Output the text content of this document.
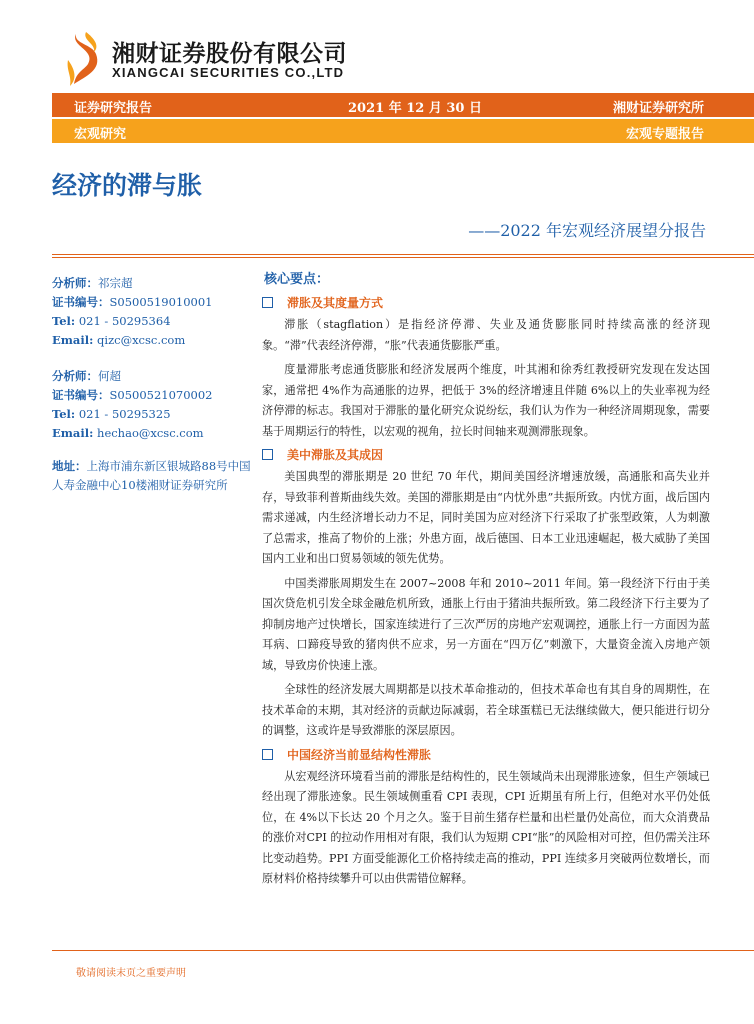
湘财证券股份有限公司
XIANGCAI SECURITIES CO.,LTD
证券研究报告	2021 年 12 月 30 日	湘财证券研究所
宏观研究	宏观专题报告
经济的滞与胀
——2022 年宏观经济展望分报告
分析师：祁宗超
证书编号：S0500519010001
Tel: 021 - 50295364
Email: qizc@xcsc.com
分析师：何超
证书编号：S0500521070002
Tel: 021 - 50295325
Email: hechao@xcsc.com
地址：上海市浦东新区银城路88号中国人寿金融中心10楼湘财证券研究所
核心要点：
滞胀及其度量方式

滞胀（stagflation）是指经济停滞、失业及通货膨胀同时持续高涨的经济现象。“滞”代表经济停滞，“胀”代表通货膨胀严重。

度量滞胀考虑通货膨胀和经济发展两个维度，叶其湘和徐秀红教授研究发现在发达国家，通常把 4%作为高通胀的边界，把低于 3%的经济增速且伴随 6%以上的失业率视为经济停滞的标志。我国对于滞胀的量化研究众说纷纭，我们认为作为一种经济周期现象，需要基于周期运行的特性，以宏观的视角，拉长时间轴来观测滞胀现象。

美中滞胀及其成因

美国典型的滞胀期是 20 世纪 70 年代，期间美国经济增速放缓，高通胀和高失业并存，导致菲利普斯曲线失效。美国的滞胀期是由“内忧外患”共振所致。内忧方面，战后国内需求递减，内生经济增长动力不足，同时美国为应对经济下行采取了扩张型政策，人为刺激了总需求，推高了物价的上涨；外患方面，战后德国、日本工业迅速崛起，极大威胁了美国国内工业和出口贸易领域的领先优势。

中国类滞胀周期发生在 2007~2008 年和 2010~2011 年间。第一段经济下行由于美国次贷危机引发全球金融危机所致，通胀上行由于猪油共振所致。第二段经济下行主要为了抑制房地产过快增长，国家连续进行了三次严厉的房地产宏观调控，通胀上行一方面因为蓝耳病、口蹄疫导致的猪肉供不应求，另一方面在“四万亿”刺激下，大量资金流入房地产领域，导致房价快速上涨。

全球性的经济发展大周期都是以技术革命推动的，但技术革命也有其自身的周期性，在技术革命的末期，其对经济的贡献边际减弱，若全球蛋糕已无法继续做大，便只能进行切分的调整，这或许是导致滞胀的深层原因。

中国经济当前显结构性滞胀

从宏观经济环境看当前的滞胀是结构性的，民生领域尚未出现滞胀迹象，但生产领域已经出现了滞胀迹象。民生领域侧重看 CPI 表现，CPI 近期虽有所上行，但绝对水平仍处低位，在 4%以下长达 20 个月之久。鉴于目前生猪存栏量和出栏量仍处高位，而大众消费品的涨价对CPI 的拉动作用相对有限，我们认为短期 CPI“胀”的风险相对可控，但仍需关注环比变动趋势。PPI 方面受能源化工价格持续走高的推动，PPI 连续多月突破两位数增长，而原材料价格持续攀升可以由供需错位解释。

敬请阅读末页之重要声明
